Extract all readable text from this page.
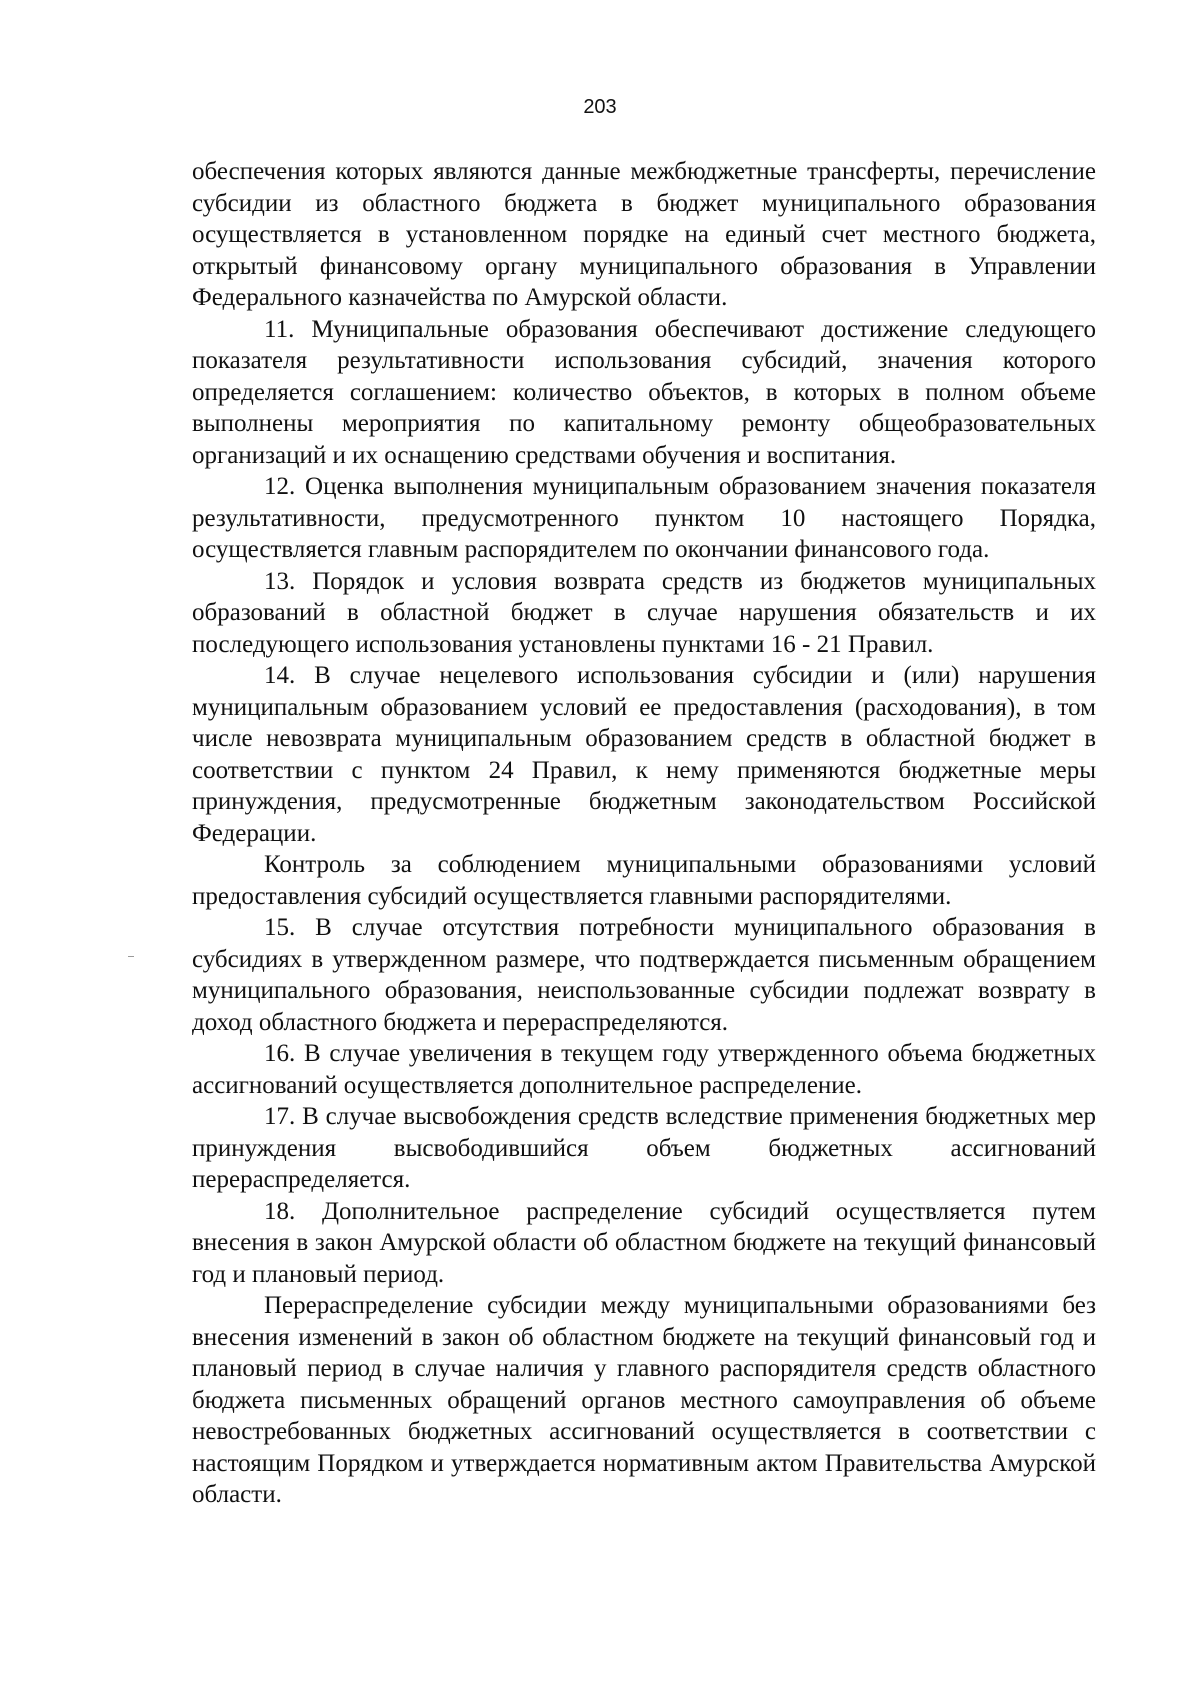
203

обеспечения которых являются данные межбюджетные трансферты, перечисление субсидии из областного бюджета в бюджет муниципального образования осуществляется в установленном порядке на единый счет местного бюджета, открытый финансовому органу муниципального образования в Управлении Федерального казначейства по Амурской области.

11. Муниципальные образования обеспечивают достижение следующего показателя результативности использования субсидий, значения которого определяется соглашением: количество объектов, в которых в полном объеме выполнены мероприятия по капитальному ремонту общеобразовательных организаций и их оснащению средствами обучения и воспитания.

12. Оценка выполнения муниципальным образованием значения показателя результативности, предусмотренного пунктом 10 настоящего Порядка, осуществляется главным распорядителем по окончании финансового года.

13. Порядок и условия возврата средств из бюджетов муниципальных образований в областной бюджет в случае нарушения обязательств и их последующего использования установлены пунктами 16 - 21 Правил.

14. В случае нецелевого использования субсидии и (или) нарушения муниципальным образованием условий ее предоставления (расходования), в том числе невозврата муниципальным образованием средств в областной бюджет в соответствии с пунктом 24 Правил, к нему применяются бюджетные меры принуждения, предусмотренные бюджетным законодательством Российской Федерации.

Контроль за соблюдением муниципальными образованиями условий предоставления субсидий осуществляется главными распорядителями.

15. В случае отсутствия потребности муниципального образования в субсидиях в утвержденном размере, что подтверждается письменным обращением муниципального образования, неиспользованные субсидии подлежат возврату в доход областного бюджета и перераспределяются.

16. В случае увеличения в текущем году утвержденного объема бюджетных ассигнований осуществляется дополнительное распределение.

17. В случае высвобождения средств вследствие применения бюджетных мер принуждения высвободившийся объем бюджетных ассигнований перераспределяется.

18. Дополнительное распределение субсидий осуществляется путем внесения в закон Амурской области об областном бюджете на текущий финансовый год и плановый период.

Перераспределение субсидии между муниципальными образованиями без внесения изменений в закон об областном бюджете на текущий финансовый год и плановый период в случае наличия у главного распорядителя средств областного бюджета письменных обращений органов местного самоуправления об объеме невостребованных бюджетных ассигнований осуществляется в соответствии с настоящим Порядком и утверждается нормативным актом Правительства Амурской области.
